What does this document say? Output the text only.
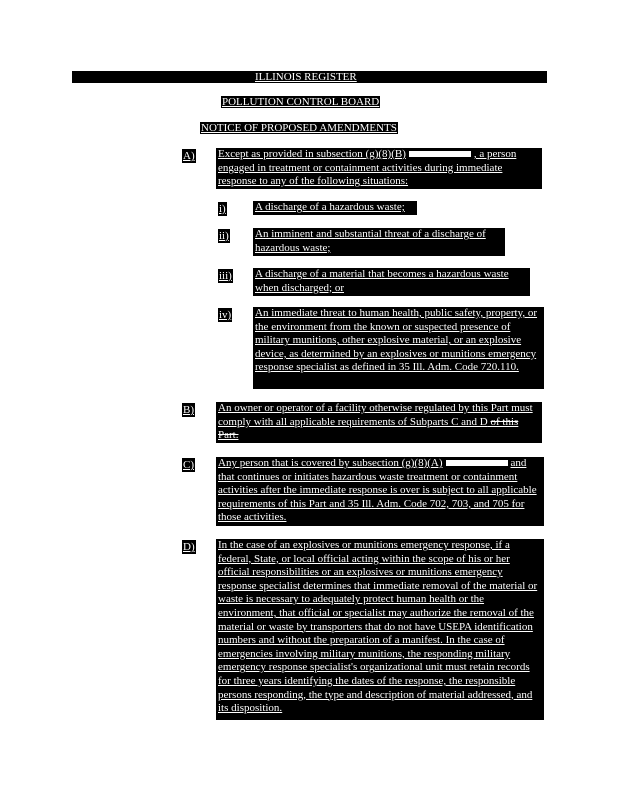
ILLINOIS REGISTER
POLLUTION CONTROL BOARD
NOTICE OF PROPOSED AMENDMENTS
A) Except as provided in subsection (g)(8)(B)	, a person engaged in treatment or containment activities during immediate response to any of the following situations:
i)	A discharge of a hazardous waste;
ii) An imminent and substantial threat of a discharge of hazardous waste;
iii) A discharge of a material that becomes a hazardous waste when discharged; or
iv) An immediate threat to human health, public safety, property, or the environment from the known or suspected presence of military munitions, other explosive material, or an explosive device, as determined by an explosives or munitions emergency response specialist as defined in 35 Ill. Adm. Code 720.110.
B) An owner or operator of a facility otherwise regulated by this Part must comply with all applicable requirements of Subparts C and D of this Part.
C) Any person that is covered by subsection (g)(8)(A)	and that continues or initiates hazardous waste treatment or containment activities after the immediate response is over is subject to all applicable requirements of this Part and 35 Ill. Adm. Code 702, 703, and 705 for those activities.
D) In the case of an explosives or munitions emergency response, if a federal, State, or local official acting within the scope of his or her official responsibilities or an explosives or munitions emergency response specialist determines that immediate removal of the material or waste is necessary to adequately protect human health or the environment, that official or specialist may authorize the removal of the material or waste by transporters that do not have USEPA identification numbers and without the preparation of a manifest. In the case of emergencies involving military munitions, the responding military emergency response specialist's organizational unit must retain records for three years identifying the dates of the response, the responsible persons responding, the type and description of material addressed, and its disposition.
